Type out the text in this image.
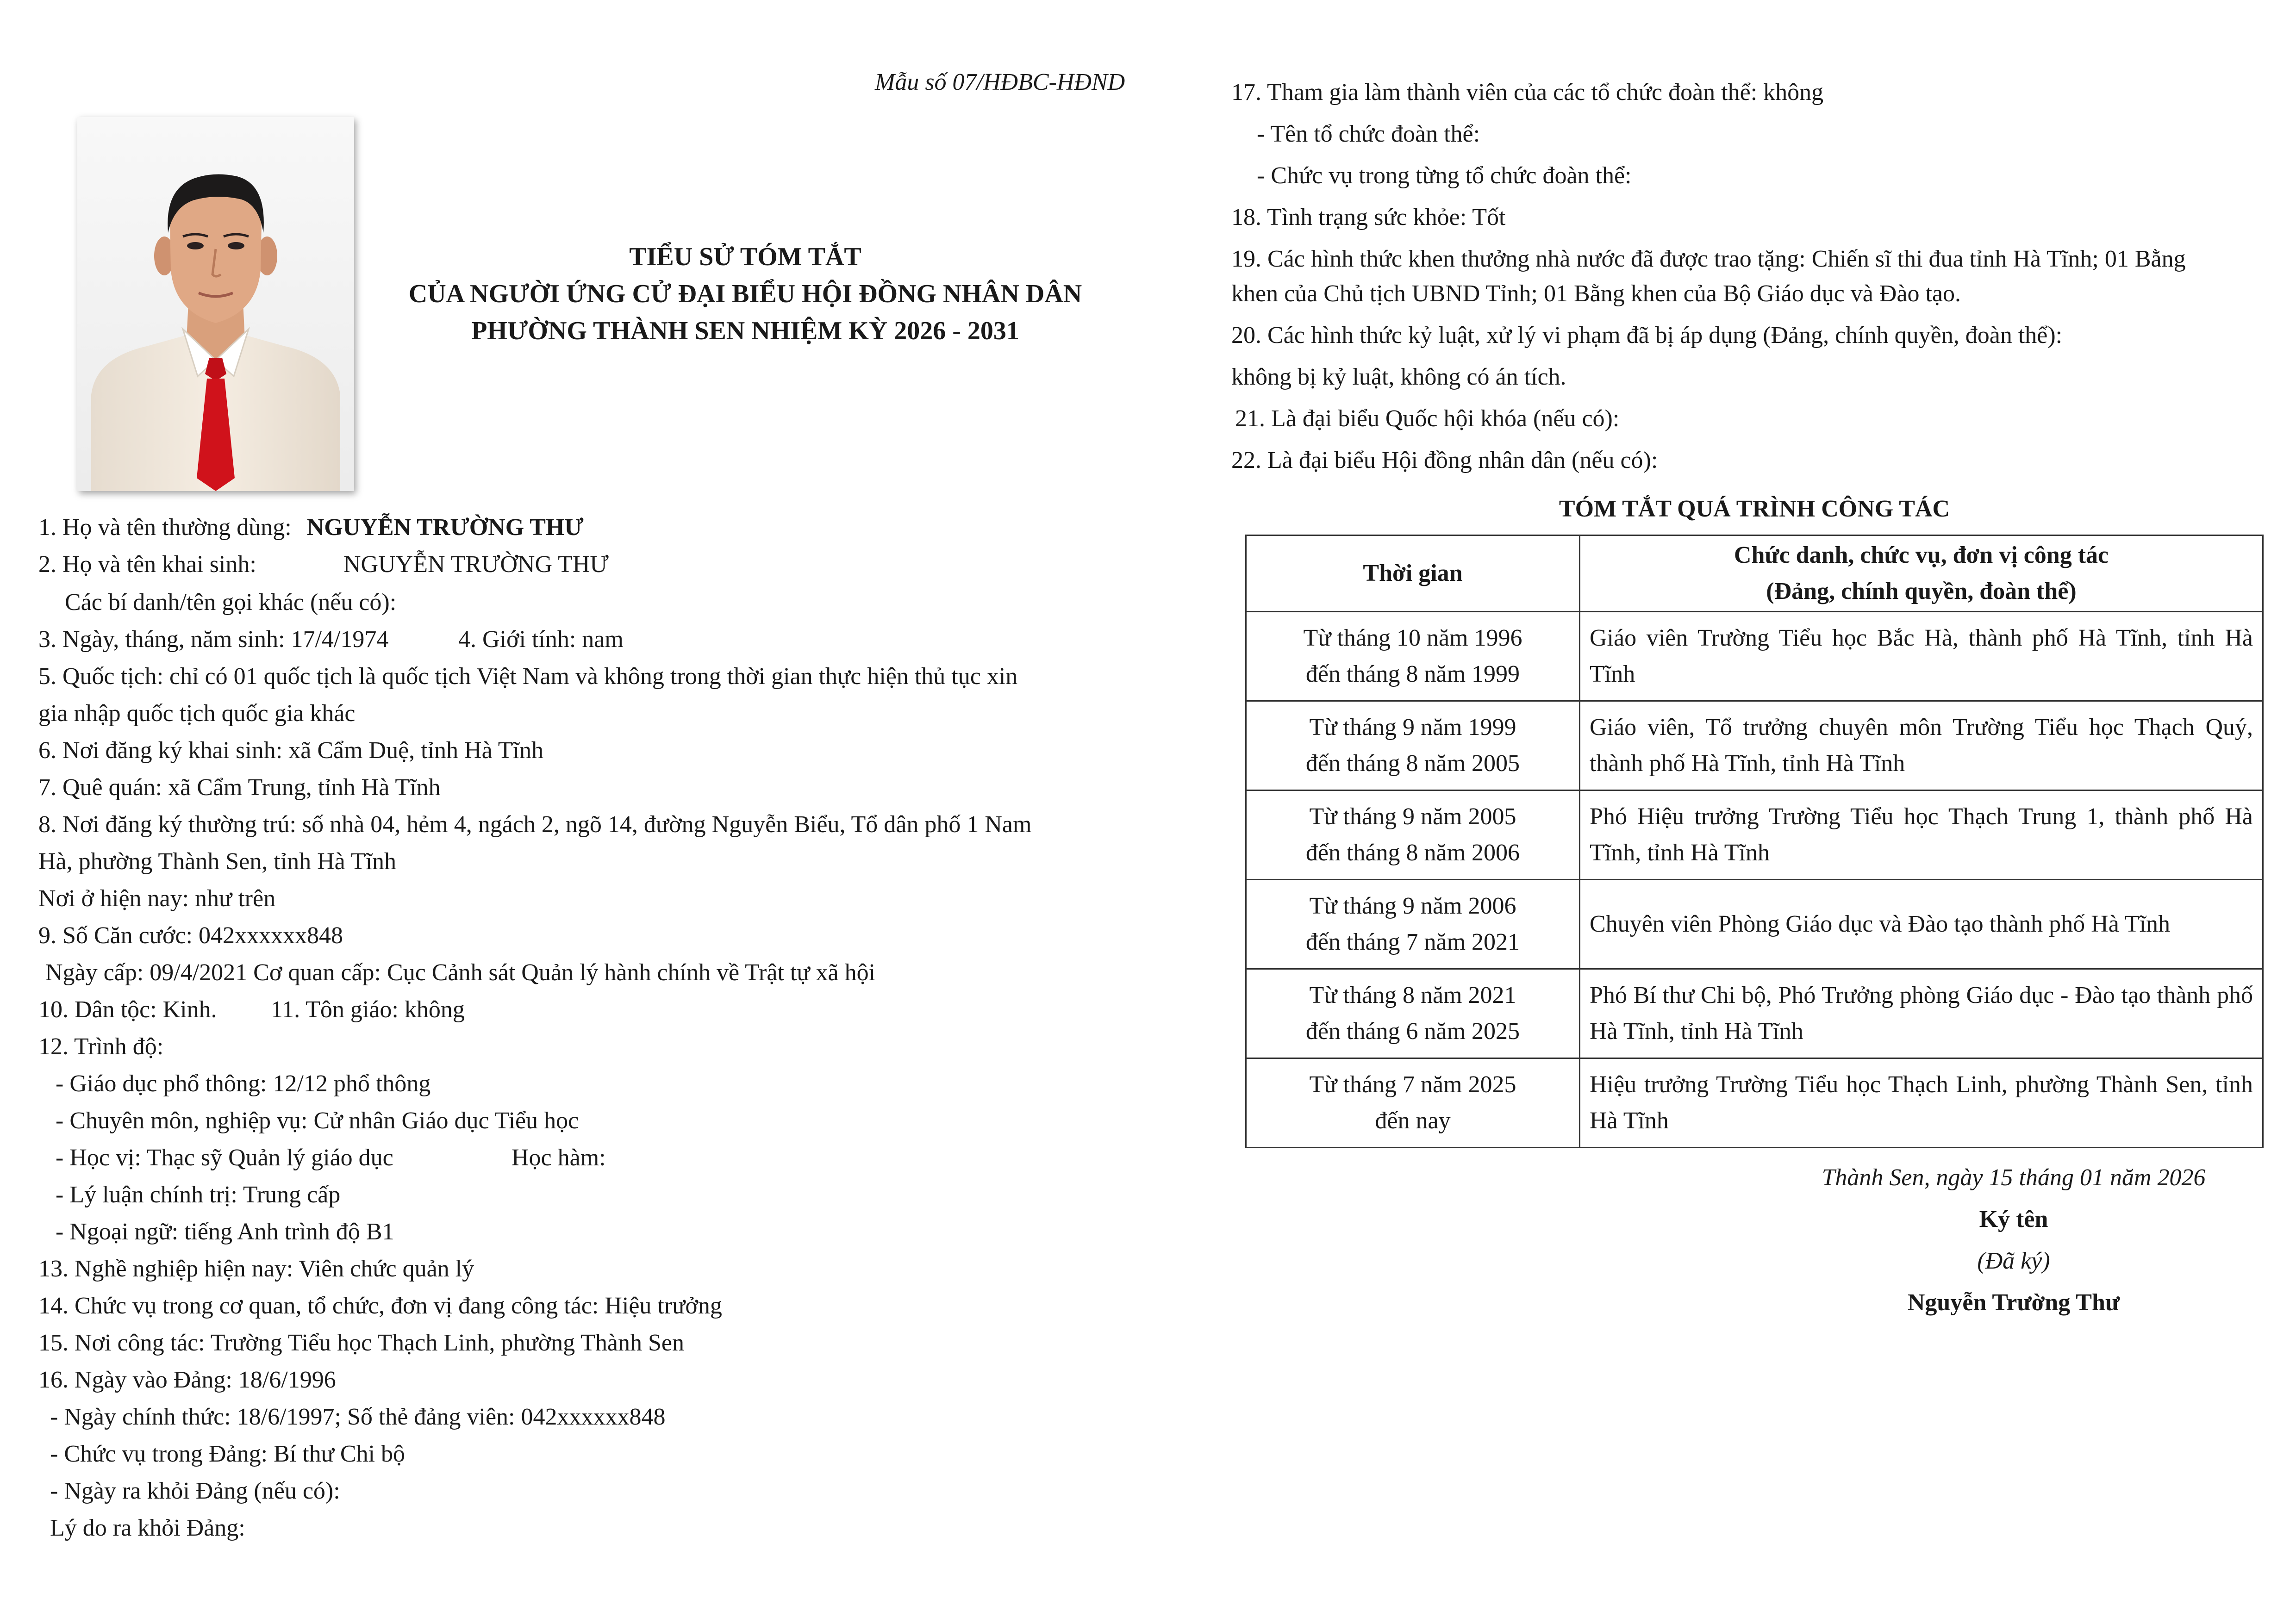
Mẫu số 07/HĐBC-HĐND
TIỂU SỬ TÓM TẮT
CỦA NGƯỜI ỨNG CỬ ĐẠI BIỂU HỘI ĐỒNG NHÂN DÂN
PHƯỜNG THÀNH SEN NHIỆM KỲ 2026 - 2031
1. Họ và tên thường dùng: NGUYỄN TRƯỜNG THƯ
2. Họ và tên khai sinh:	NGUYỄN TRƯỜNG THƯ
Các bí danh/tên gọi khác (nếu có):
3. Ngày, tháng, năm sinh: 17/4/1974	4. Giới tính: nam
5. Quốc tịch: chỉ có 01 quốc tịch là quốc tịch Việt Nam và không trong thời gian thực hiện thủ tục xin
gia nhập quốc tịch quốc gia khác
6. Nơi đăng ký khai sinh: xã Cẩm Duệ, tỉnh Hà Tĩnh
7. Quê quán: xã Cẩm Trung, tỉnh Hà Tĩnh
8. Nơi đăng ký thường trú: số nhà 04, hẻm 4, ngách 2, ngõ 14, đường Nguyễn Biểu, Tổ dân phố 1 Nam
Hà, phường Thành Sen, tỉnh Hà Tĩnh
Nơi ở hiện nay: như trên
9. Số Căn cước: 042xxxxxx848
Ngày cấp: 09/4/2021 Cơ quan cấp: Cục Cảnh sát Quản lý hành chính về Trật tự xã hội
10. Dân tộc: Kinh. 11. Tôn giáo: không
12. Trình độ:
- Giáo dục phổ thông: 12/12 phổ thông
- Chuyên môn, nghiệp vụ: Cử nhân Giáo dục Tiểu học
- Học vị: Thạc sỹ Quản lý giáo dục	Học hàm:
- Lý luận chính trị: Trung cấp
- Ngoại ngữ: tiếng Anh trình độ B1
13. Nghề nghiệp hiện nay: Viên chức quản lý
14. Chức vụ trong cơ quan, tổ chức, đơn vị đang công tác: Hiệu trưởng
15. Nơi công tác: Trường Tiểu học Thạch Linh, phường Thành Sen
16. Ngày vào Đảng: 18/6/1996
- Ngày chính thức: 18/6/1997; Số thẻ đảng viên: 042xxxxxx848
- Chức vụ trong Đảng: Bí thư Chi bộ
- Ngày ra khỏi Đảng (nếu có):
Lý do ra khỏi Đảng:
17. Tham gia làm thành viên của các tổ chức đoàn thể: không
- Tên tổ chức đoàn thể:
- Chức vụ trong từng tổ chức đoàn thể:
18. Tình trạng sức khỏe: Tốt
19. Các hình thức khen thưởng nhà nước đã được trao tặng: Chiến sĩ thi đua tỉnh Hà Tĩnh; 01 Bằng
khen của Chủ tịch UBND Tỉnh; 01 Bằng khen của Bộ Giáo dục và Đào tạo.
20. Các hình thức kỷ luật, xử lý vi phạm đã bị áp dụng (Đảng, chính quyền, đoàn thể):
không bị kỷ luật, không có án tích.
21. Là đại biểu Quốc hội khóa (nếu có):
22. Là đại biểu Hội đồng nhân dân (nếu có):
TÓM TẮT QUÁ TRÌNH CÔNG TÁC
Thời gian	Chức danh, chức vụ, đơn vị công tác
(Đảng, chính quyền, đoàn thể)

Từ tháng 10 năm 1996
đến tháng 8 năm 1999	Giáo viên Trường Tiểu học Bắc Hà, thành phố Hà Tĩnh, tỉnh Hà Tĩnh

Từ tháng 9 năm 1999
đến tháng 8 năm 2005	Giáo viên, Tổ trưởng chuyên môn Trường Tiểu học Thạch Quý, thành phố Hà Tĩnh, tỉnh Hà Tĩnh

Từ tháng 9 năm 2005
đến tháng 8 năm 2006	Phó Hiệu trưởng Trường Tiểu học Thạch Trung 1, thành phố Hà Tĩnh, tỉnh Hà Tĩnh

Từ tháng 9 năm 2006
đến tháng 7 năm 2021	Chuyên viên Phòng Giáo dục và Đào tạo thành phố Hà Tĩnh

Từ tháng 8 năm 2021
đến tháng 6 năm 2025	Phó Bí thư Chi bộ, Phó Trưởng phòng Giáo dục - Đào tạo thành phố Hà Tĩnh, tỉnh Hà Tĩnh

Từ tháng 7 năm 2025
đến nay	Hiệu trưởng Trường Tiểu học Thạch Linh, phường Thành Sen, tỉnh Hà Tĩnh
Thành Sen, ngày 15 tháng 01 năm 2026
Ký tên
(Đã ký)
Nguyễn Trường Thư
